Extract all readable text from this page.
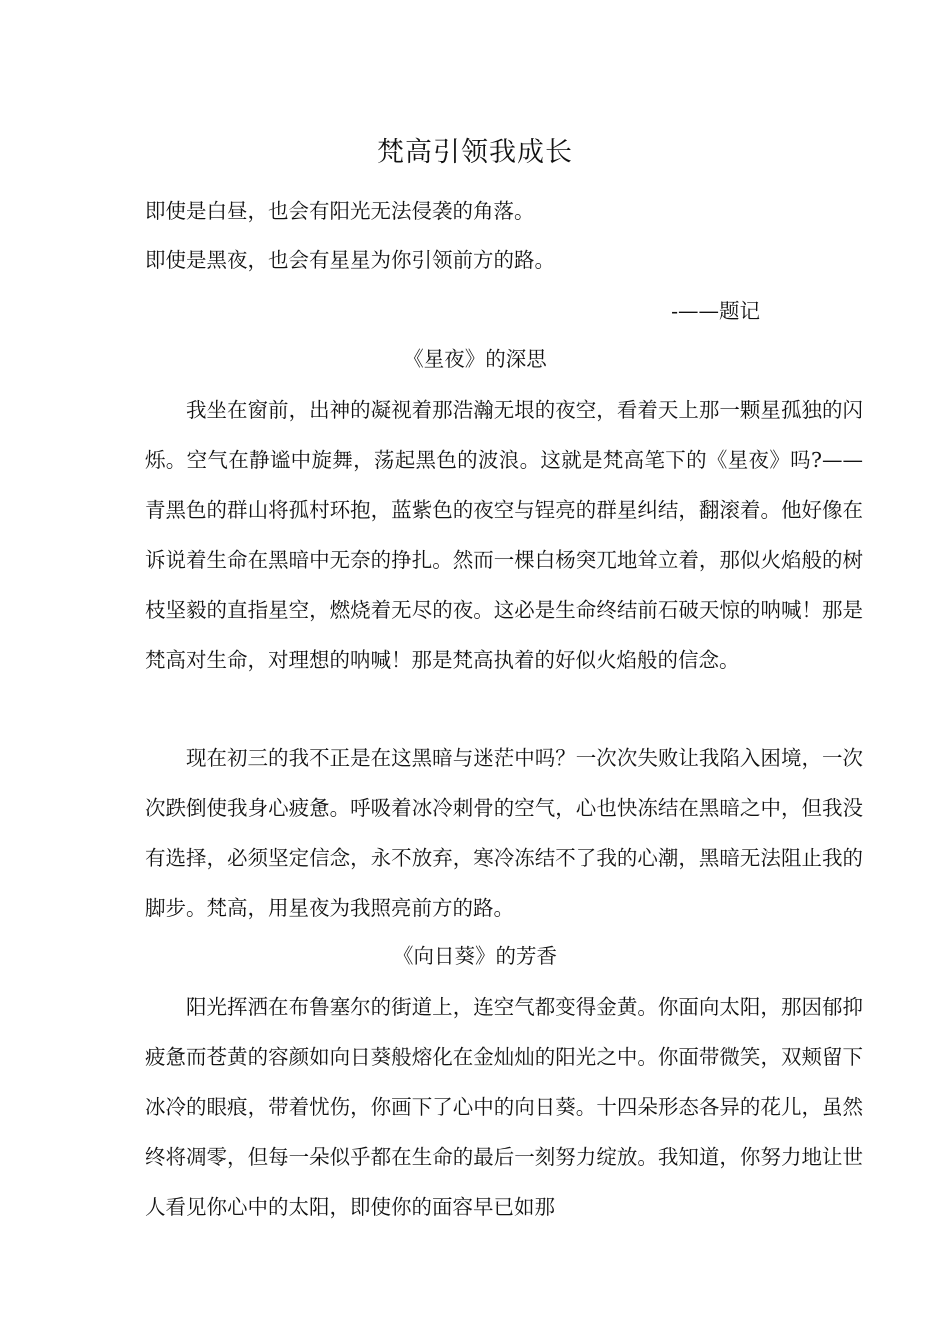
梵高引领我成长
即使是白昼，也会有阳光无法侵袭的角落。
即使是黑夜，也会有星星为你引领前方的路。
-——题记
《星夜》的深思

我坐在窗前，出神的凝视着那浩瀚无垠的夜空，看着天上那一颗星孤独的闪烁。空气在静谧中旋舞，荡起黑色的波浪。这就是梵高笔下的《星夜》吗?——青黑色的群山将孤村环抱，蓝紫色的夜空与锃亮的群星纠结，翻滚着。他好像在诉说着生命在黑暗中无奈的挣扎。然而一棵白杨突兀地耸立着，那似火焰般的树枝坚毅的直指星空，燃烧着无尽的夜。这必是生命终结前石破天惊的呐喊！那是梵高对生命，对理想的呐喊！那是梵高执着的好似火焰般的信念。

现在初三的我不正是在这黑暗与迷茫中吗？一次次失败让我陷入困境，一次次跌倒使我身心疲惫。呼吸着冰冷刺骨的空气，心也快冻结在黑暗之中，但我没有选择，必须坚定信念，永不放弃，寒冷冻结不了我的心潮，黑暗无法阻止我的脚步。梵高，用星夜为我照亮前方的路。

《向日葵》的芳香

阳光挥洒在布鲁塞尔的街道上，连空气都变得金黄。你面向太阳，那因郁抑疲惫而苍黄的容颜如向日葵般熔化在金灿灿的阳光之中。你面带微笑，双颊留下冰冷的眼痕，带着忧伤，你画下了心中的向日葵。十四朵形态各异的花儿，虽然终将凋零，但每一朵似乎都在生命的最后一刻努力绽放。我知道，你努力地让世人看见你心中的太阳，即使你的面容早已如那
